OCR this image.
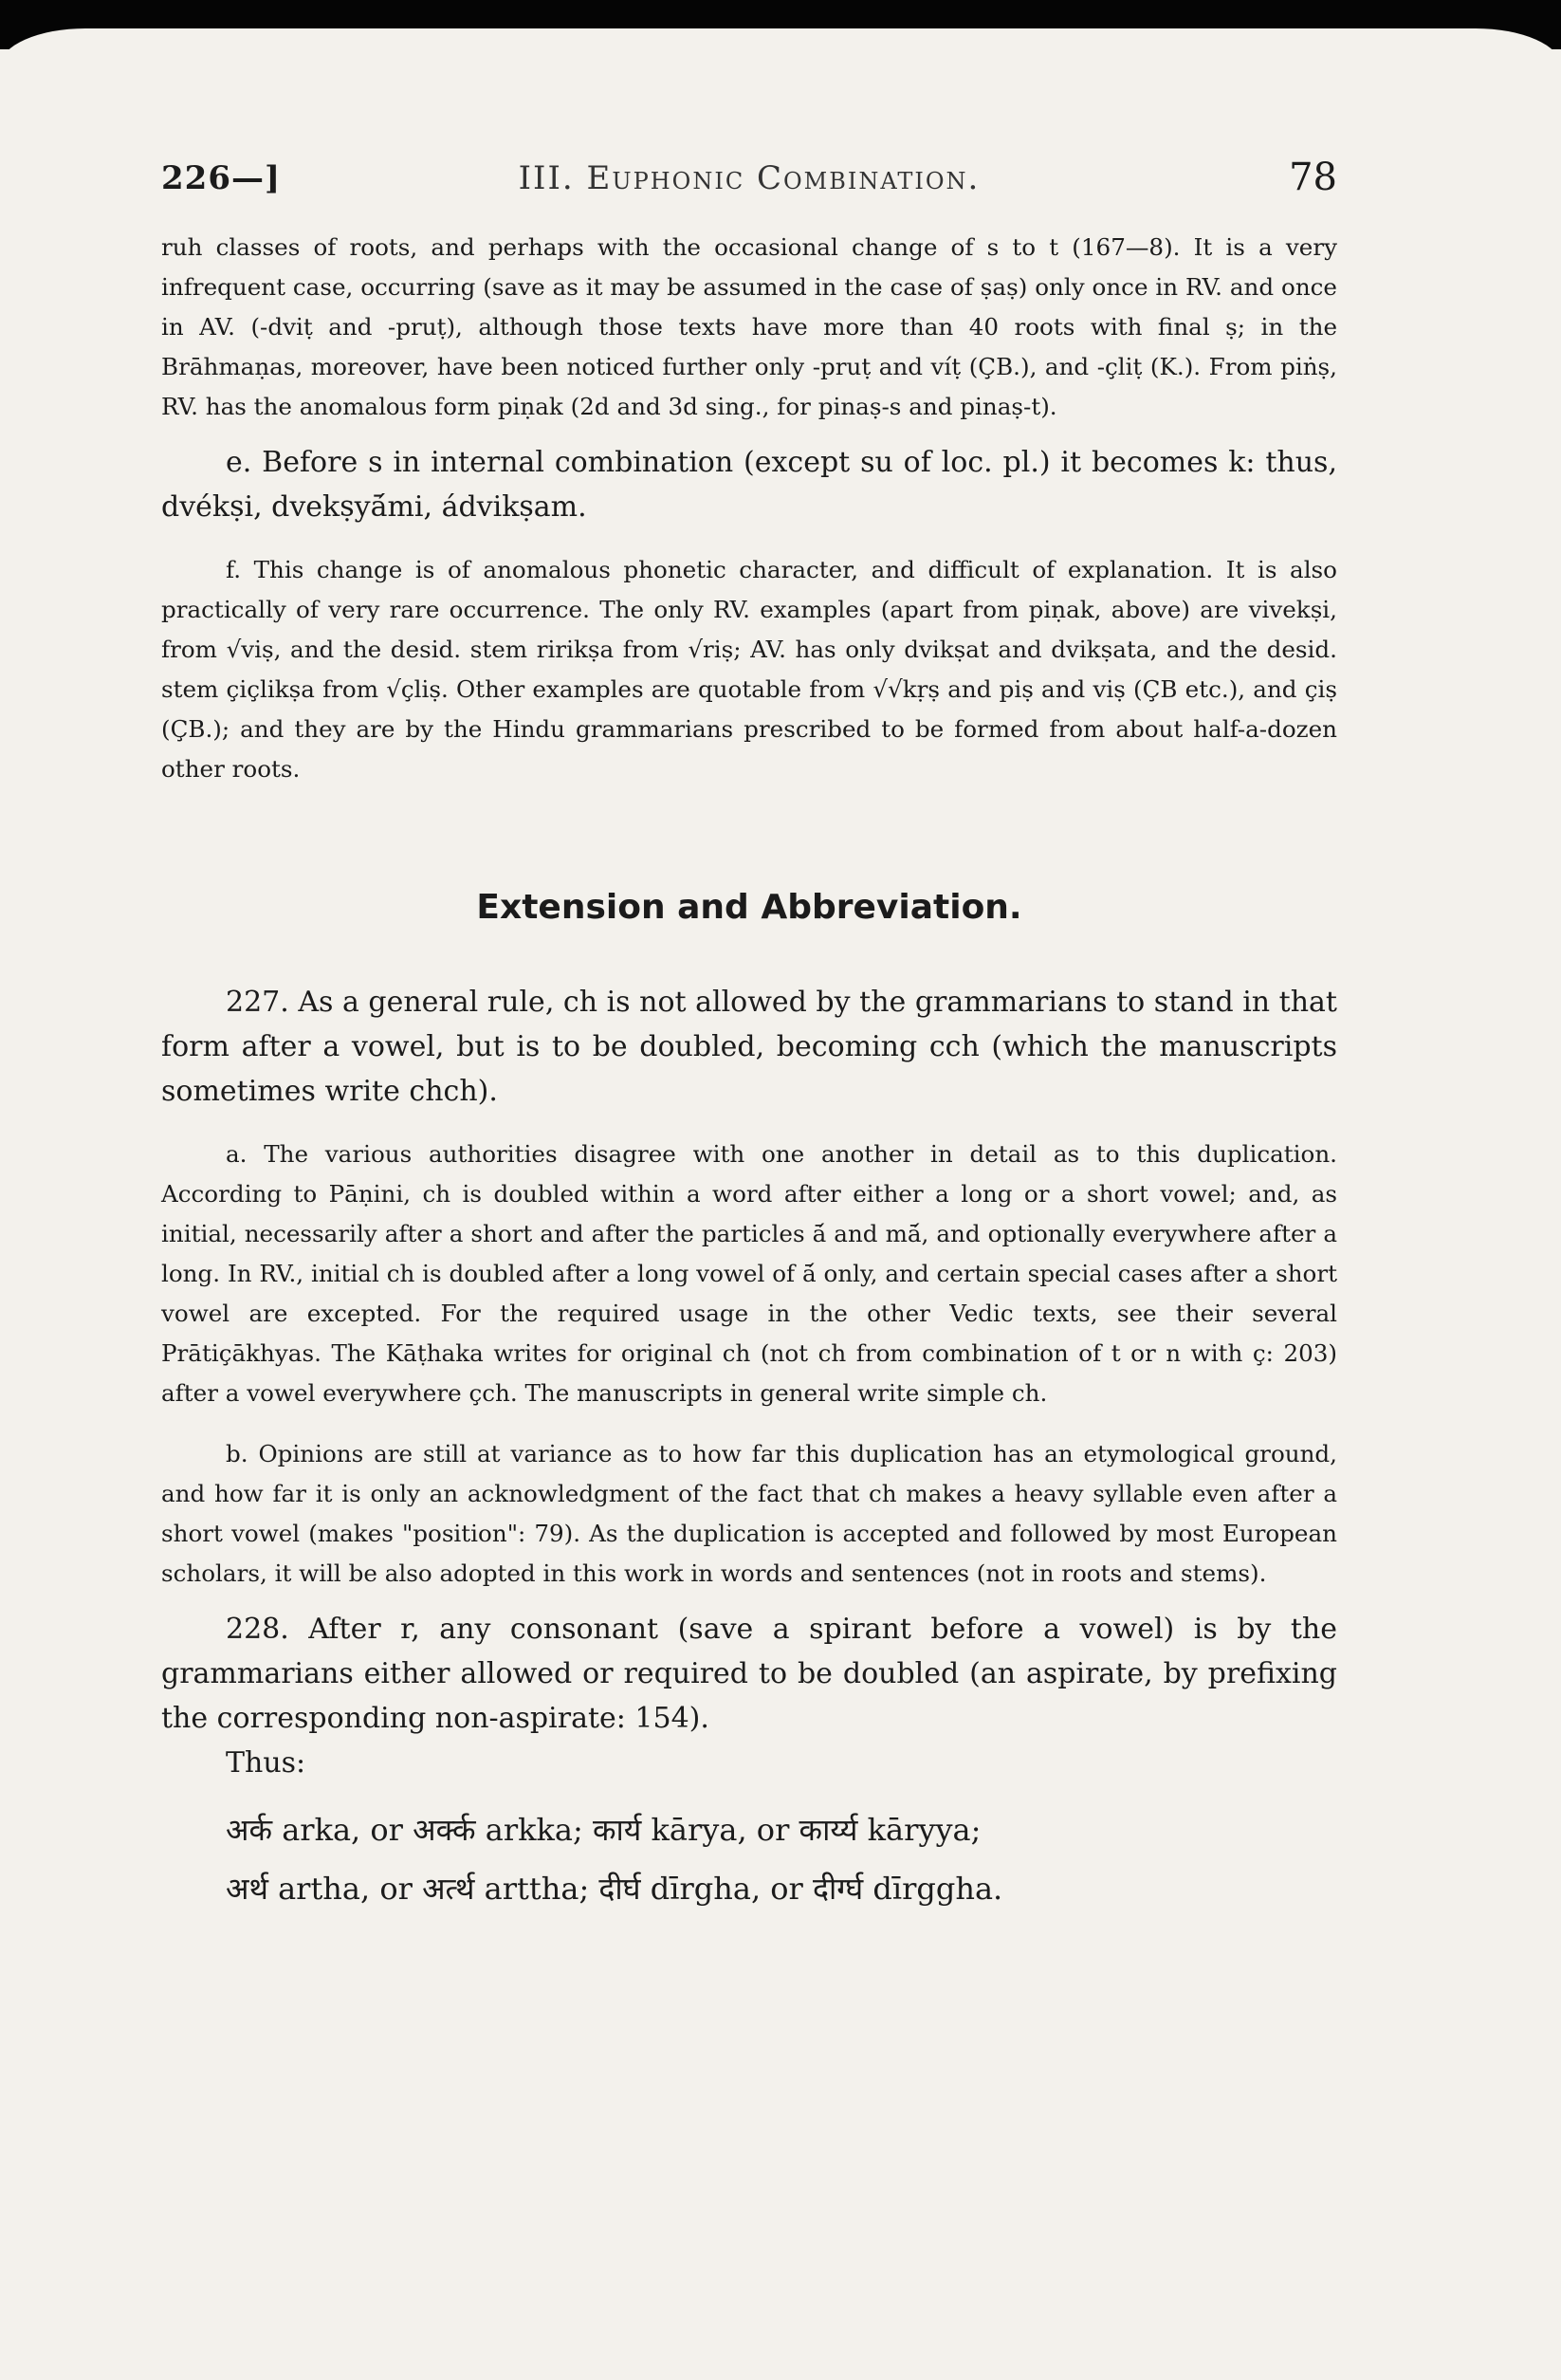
226—]	III. Euphonic Combination.	78

ruh classes of roots, and perhaps with the occasional change of s to t (167—8). It is a very infrequent case, occurring (save as it may be assumed in the case of ṣaṣ) only once in RV. and once in AV. (-dviṭ and -pruṭ), although those texts have more than 40 roots with final ṣ; in the Brāhmaṇas, moreover, have been noticed further only -pruṭ and víṭ (ÇB.), and -çliṭ (K.). From piṅṣ, RV. has the anomalous form piṇak (2d and 3d sing., for pinaṣ-s and pinaṣ-t).

e. Before s in internal combination (except su of loc. pl.) it becomes k: thus, dvékṣi, dvekṣyā́mi, ádvikṣam.

f. This change is of anomalous phonetic character, and difficult of explanation. It is also practically of very rare occurrence. The only RV. examples (apart from piṇak, above) are vivekṣi, from √viṣ, and the desid. stem ririkṣa from √riṣ; AV. has only dvikṣat and dvikṣata, and the desid. stem çiçlikṣa from √çliṣ. Other examples are quotable from √√kṛṣ and piṣ and viṣ (ÇB etc.), and çiṣ (ÇB.); and they are by the Hindu grammarians prescribed to be formed from about half-a-dozen other roots.

Extension and Abbreviation.

227. As a general rule, ch is not allowed by the grammarians to stand in that form after a vowel, but is to be doubled, becoming cch (which the manuscripts sometimes write chch).

a. The various authorities disagree with one another in detail as to this duplication. According to Pāṇini, ch is doubled within a word after either a long or a short vowel; and, as initial, necessarily after a short and after the particles ā́ and mā́, and optionally everywhere after a long. In RV., initial ch is doubled after a long vowel of ā́ only, and certain special cases after a short vowel are excepted. For the required usage in the other Vedic texts, see their several Prātiçākhyas. The Kāṭhaka writes for original ch (not ch from combination of t or n with ç: 203) after a vowel everywhere çch. The manuscripts in general write simple ch.

b. Opinions are still at variance as to how far this duplication has an etymological ground, and how far it is only an acknowledgment of the fact that ch makes a heavy syllable even after a short vowel (makes "position": 79). As the duplication is accepted and followed by most European scholars, it will be also adopted in this work in words and sentences (not in roots and stems).

228. After r, any consonant (save a spirant before a vowel) is by the grammarians either allowed or required to be doubled (an aspirate, by prefixing the corresponding non-aspirate: 154).

Thus:
अर्क arka, or अर्क्क arkka; कार्य kārya, or कार्य्य kāryya;
अर्थ artha, or अर्त्थ arttha; दीर्घ dīrgha, or दीर्ग्घ dīrggha.
